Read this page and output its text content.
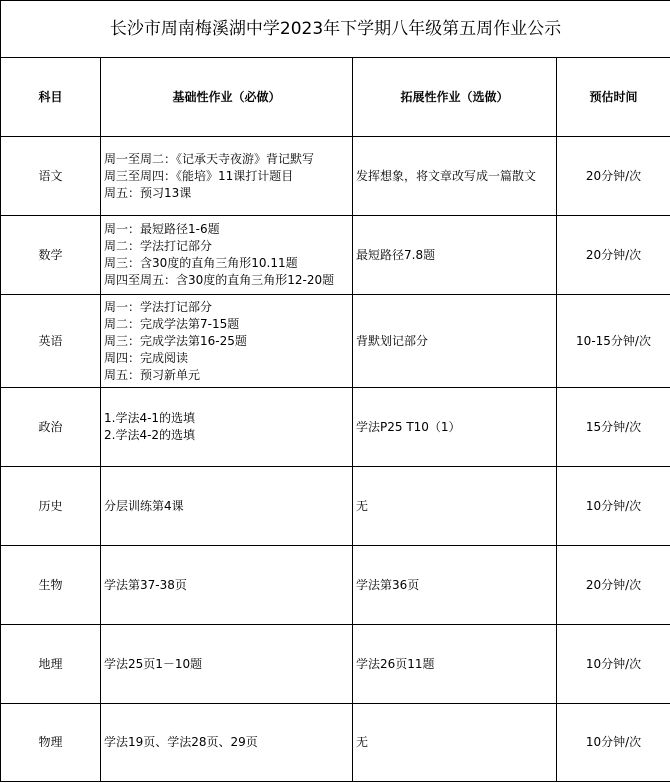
长沙市周南梅溪湖中学2023年下学期八年级第五周作业公示			
科目	基础性作业（必做）	拓展性作业（选做）	预估时间
语文	周一至周二：《记承天寺夜游》背记默写
周三至周四：《能培》11课打计题目
周五：预习13课	发挥想象，将文章改写成一篇散文	20分钟/次
数学	周一：最短路径1-6题
周二：学法打记部分
周三：含30度的直角三角形10.11题
周四至周五：含30度的直角三角形12-20题	最短路径7.8题	20分钟/次
英语	周一：学法打记部分
周二：完成学法第7-15题
周三：完成学法第16-25题
周四：完成阅读
周五：预习新单元	背默划记部分	10-15分钟/次
政治	1.学法4-1的选填
2.学法4-2的选填	学法P25 T10（1）	15分钟/次
历史	分层训练第4课	无	10分钟/次
生物	学法第37-38页	学法第36页	20分钟/次
地理	学法25页1－10题	学法26页11题	10分钟/次
物理	学法19页、学法28页、29页	无	10分钟/次
